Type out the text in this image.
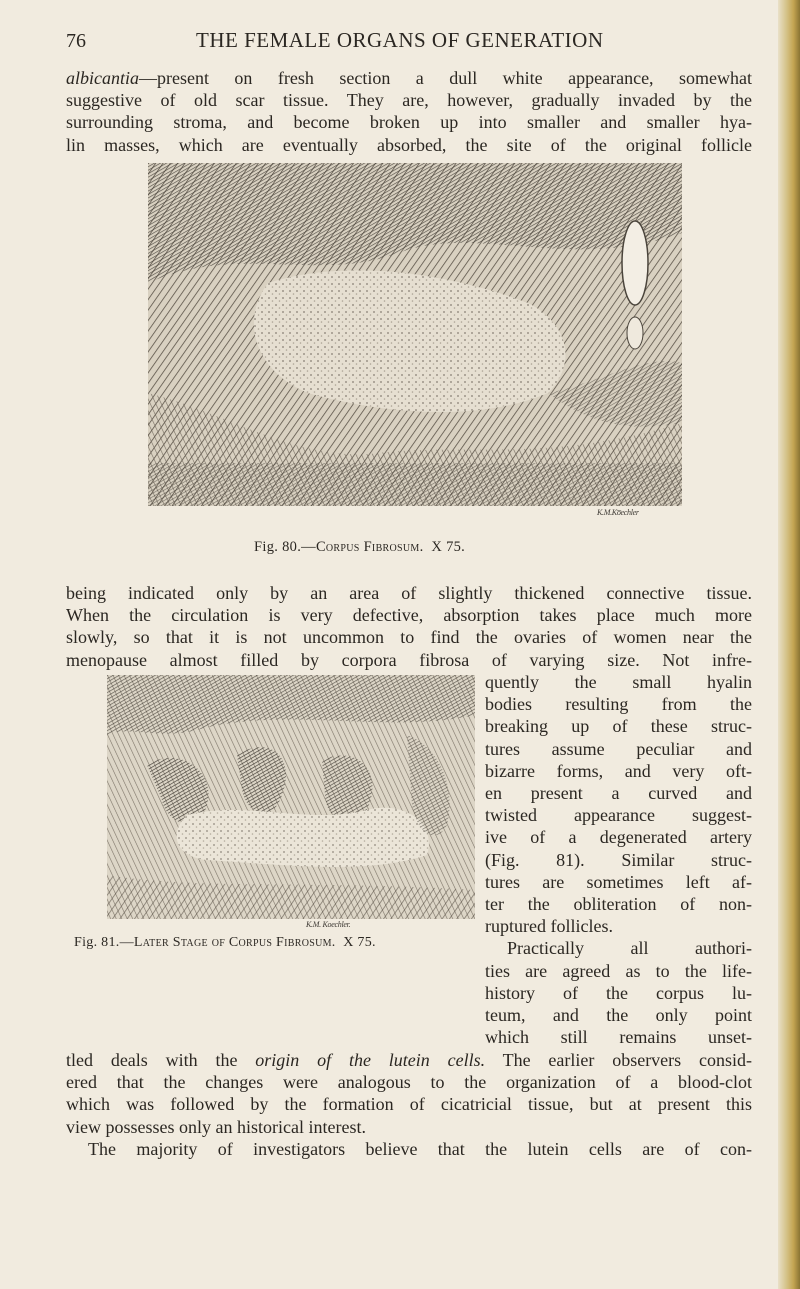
76	THE FEMALE ORGANS OF GENERATION
albicantia—present on fresh section a dull white appearance, somewhat
suggestive of old scar tissue. They are, however, gradually invaded by the
surrounding stroma, and become broken up into smaller and smaller hya-
lin masses, which are eventually absorbed, the site of the original follicle
K.M.Ko̅echler
Fig. 80.—Corpus Fibrosum. X 75.
being indicated only by an area of slightly thickened connective tissue.
When the circulation is very defective, absorption takes place much more
slowly, so that it is not uncommon to find the ovaries of women near the
menopause almost filled by corpora fibrosa of varying size. Not infre-
K.M. Koechler.
Fig. 81.—Later Stage of Corpus Fibrosum. X 75.
quently the small hyalin
bodies resulting from the
breaking up of these struc-
tures assume peculiar and
bizarre forms, and very oft-
en present a curved and
twisted appearance suggest-
ive of a degenerated artery
(Fig. 81). Similar struc-
tures are sometimes left af-
ter the obliteration of non-
ruptured follicles.
Practically all authori-
ties are agreed as to the life-
history of the corpus lu-
teum, and the only point
which still remains unset-
tled deals with the origin of the lutein cells. The earlier observers consid-
ered that the changes were analogous to the organization of a blood-clot
which was followed by the formation of cicatricial tissue, but at present this
view possesses only an historical interest.
The majority of investigators believe that the lutein cells are of con-
